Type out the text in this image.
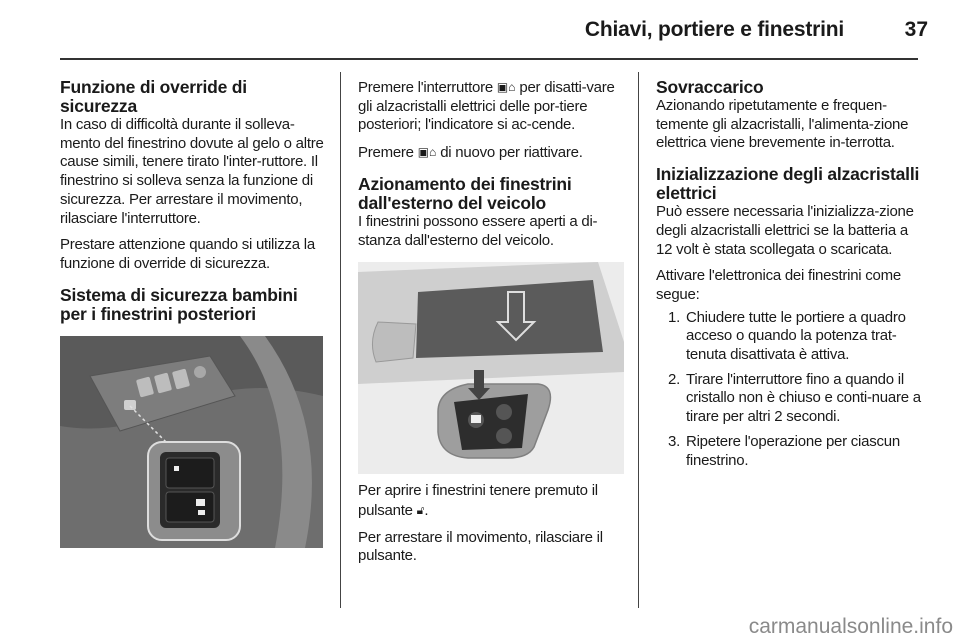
Chiavi, portiere e finestrini	37
Funzione di override di sicurezza

In caso di difficoltà durante il solleva-mento del finestrino dovute al gelo o altre cause simili, tenere tirato l'inter-ruttore. Il finestrino si solleva senza la funzione di sicurezza. Per arrestare il movimento, rilasciare l'interruttore.

Prestare attenzione quando si utilizza la funzione di override di sicurezza.

Sistema di sicurezza bambini per i finestrini posteriori

Premere l'interruttore ▣⌂ per disatti-vare gli alzacristalli elettrici delle por-tiere posteriori; l'indicatore si ac-cende.

Premere ▣⌂ di nuovo per riattivare.

Azionamento dei finestrini dall'esterno del veicolo

I finestrini possono essere aperti a di-stanza dall'esterno del veicolo.

Per aprire i finestrini tenere premuto il pulsante 🔓︎.

Per arrestare il movimento, rilasciare il pulsante.

Sovraccarico

Azionando ripetutamente e frequen-temente gli alzacristalli, l'alimenta-zione elettrica viene brevemente in-terrotta.

Inizializzazione degli alzacristalli elettrici

Può essere necessaria l'inizializza-zione degli alzacristalli elettrici se la batteria a 12 volt è stata scollegata o scaricata.

Attivare l'elettronica dei finestrini come segue:

1. Chiudere tutte le portiere a quadro acceso o quando la potenza trat-tenuta disattivata è attiva.
2. Tirare l'interruttore fino a quando il cristallo non è chiuso e conti-nuare a tirare per altri 2 secondi.
3. Ripetere l'operazione per ciascun finestrino.
carmanualsonline.info
